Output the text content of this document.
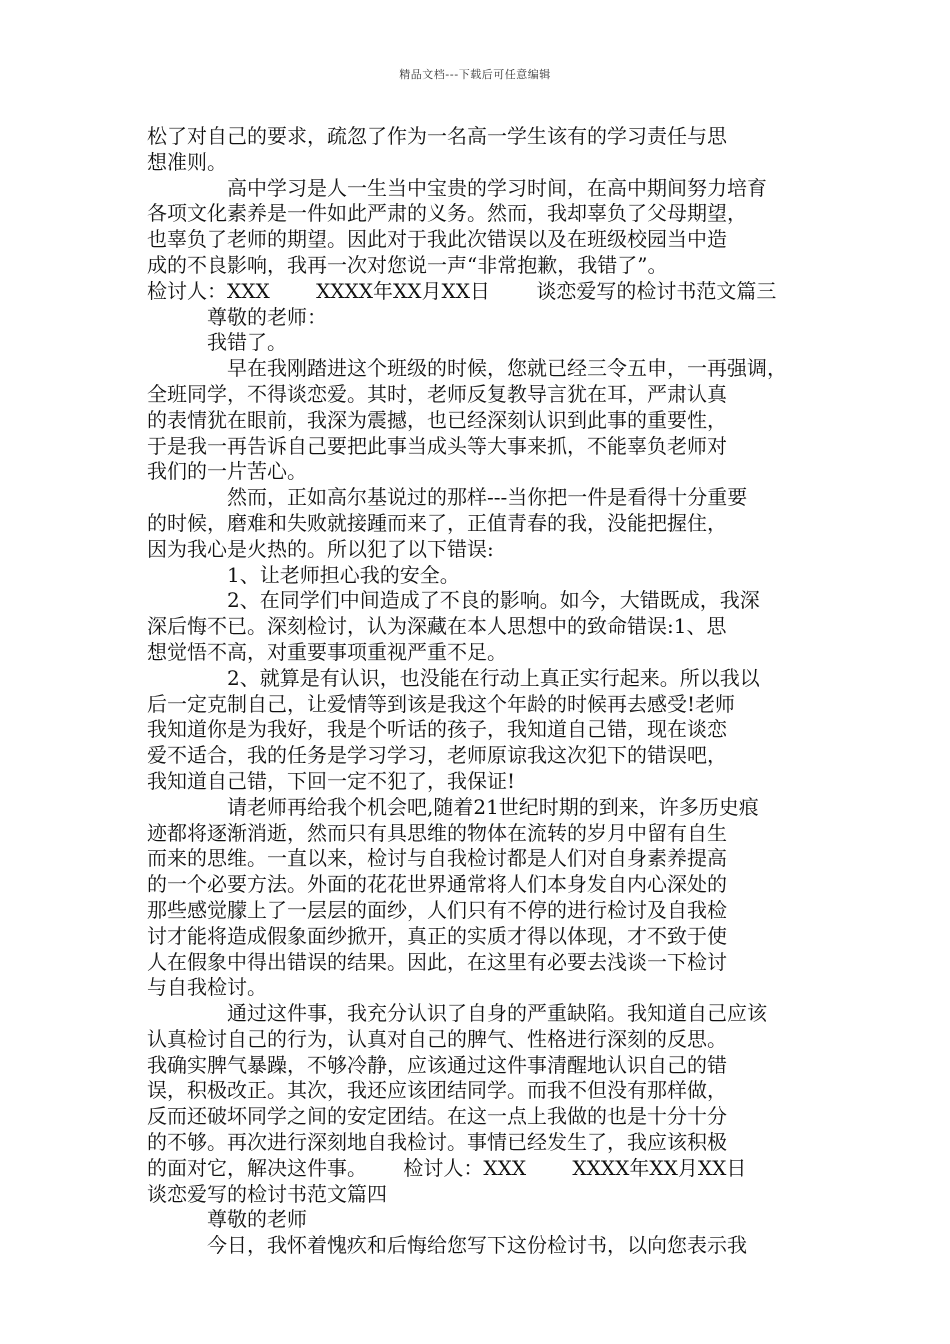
精品文档---下载后可任意编辑

松了对自己的要求，疏忽了作为一名高一学生该有的学习责任与思
想准则。

　　　　高中学习是人一生当中宝贵的学习时间，在高中期间努力培育
各项文化素养是一件如此严肃的义务。然而，我却辜负了父母期望，
也辜负了老师的期望。因此对于我此次错误以及在班级校园当中造
成的不良影响，我再一次对您说一声“非常抱歉，我错了”。
检讨人：XXX　　 XXXX年XX月XX日　　 谈恋爱写的检讨书范文篇三

　　　尊敬的老师：

　　　我错了。

　　　　早在我刚踏进这个班级的时候，您就已经三令五申，一再强调，
全班同学，不得谈恋爱。其时，老师反复教导言犹在耳，严肃认真
的表情犹在眼前，我深为震撼，也已经深刻认识到此事的重要性，
于是我一再告诉自己要把此事当成头等大事来抓，不能辜负老师对
我们的一片苦心。

　　　　然而，正如高尔基说过的那样---当你把一件是看得十分重要
的时候，磨难和失败就接踵而来了，正值青春的我，没能把握住，
因为我心是火热的。所以犯了以下错误:

　　　　1、让老师担心我的安全。

　　　　2、在同学们中间造成了不良的影响。如今，大错既成，我深
深后悔不已。深刻检讨，认为深藏在本人思想中的致命错误:1、思
想觉悟不高，对重要事项重视严重不足。

　　　　2、就算是有认识，也没能在行动上真正实行起来。所以我以
后一定克制自己，让爱情等到该是我这个年龄的时候再去感受!老师
我知道你是为我好，我是个听话的孩子，我知道自己错，现在谈恋
爱不适合，我的任务是学习学习，老师原谅我这次犯下的错误吧，
我知道自己错，下回一定不犯了，我保证!

　　　　请老师再给我个机会吧,随着21世纪时期的到来，许多历史痕
迹都将逐渐消逝，然而只有具思维的物体在流转的岁月中留有自生
而来的思维。一直以来，检讨与自我检讨都是人们对自身素养提高
的一个必要方法。外面的花花世界通常将人们本身发自内心深处的
那些感觉朦上了一层层的面纱，人们只有不停的进行检讨及自我检
讨才能将造成假象面纱掀开，真正的实质才得以体现，才不致于使
人在假象中得出错误的结果。因此，在这里有必要去浅谈一下检讨
与自我检讨。

　　　　通过这件事，我充分认识了自身的严重缺陷。我知道自己应该
认真检讨自己的行为，认真对自己的脾气、性格进行深刻的反思。
我确实脾气暴躁，不够冷静，应该通过这件事清醒地认识自己的错
误，积极改正。其次，我还应该团结同学。而我不但没有那样做，
反而还破坏同学之间的安定团结。在这一点上我做的也是十分十分
的不够。再次进行深刻地自我检讨。事情已经发生了，我应该积极
的面对它，解决这件事。　　 检讨人：XXX　　 XXXX年XX月XX日
谈恋爱写的检讨书范文篇四

　　　尊敬的老师

　　　今日，我怀着愧疚和后悔给您写下这份检讨书，以向您表示我
